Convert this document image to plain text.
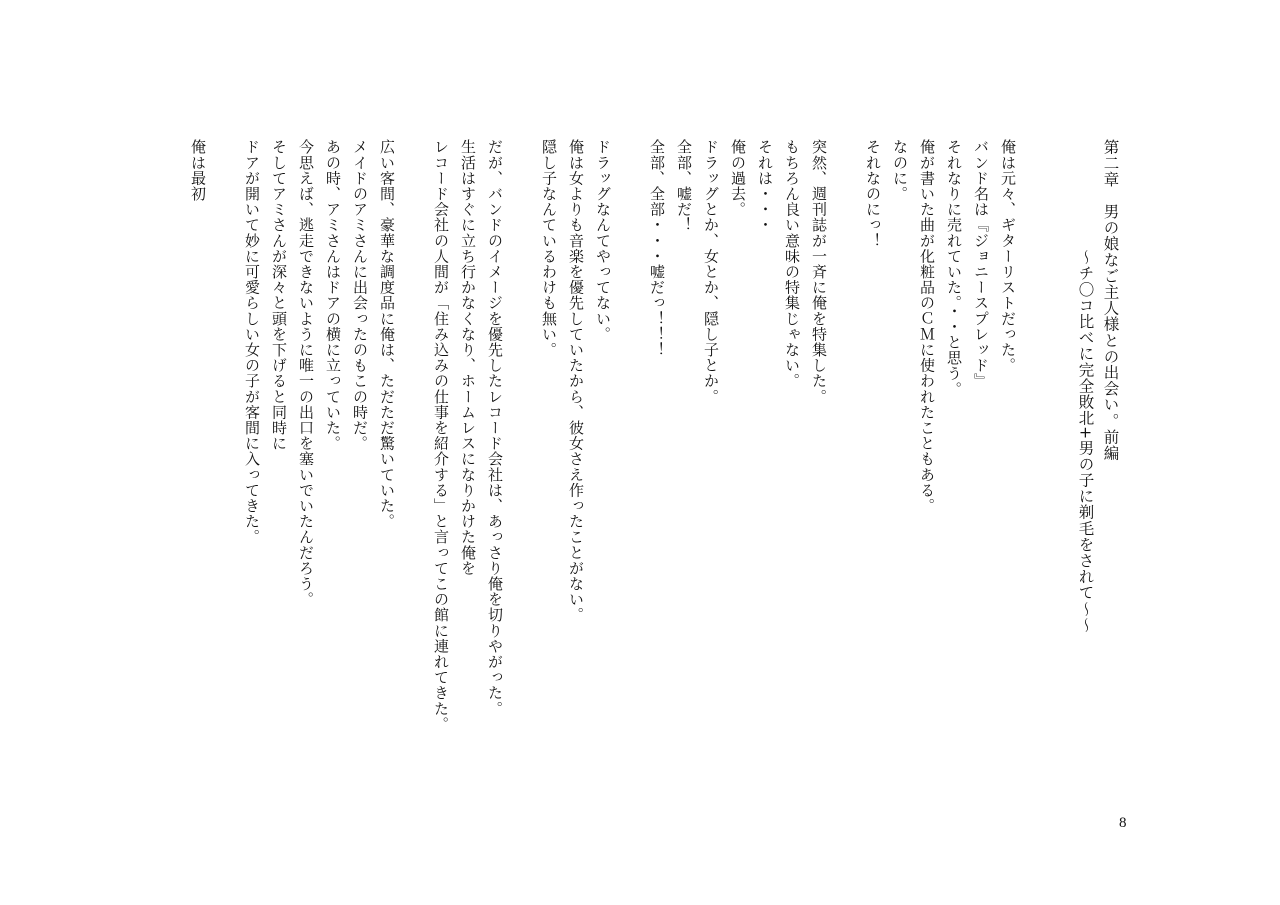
第二章　男の娘なご主人様との出会い。前編
～チ〇コ比べに完全敗北+男の子に剃毛をされて～～
俺は元々、ギターリストだった。
バンド名は『ジョニースプレッド』
それなりに売れていた。・・と思う。
俺が書いた曲が化粧品のＣＭに使われたこともある。
なのに。
それなのにっ！
突然、週刊誌が一斉に俺を特集した。
もちろん良い意味の特集じゃない。
それは・・・
俺の過去。
ドラッグとか、女とか、隠し子とか。
全部、嘘だ！
全部、全部・・・嘘だっ！！！
ドラッグなんてやってない。
俺は女よりも音楽を優先していたから、彼女さえ作ったことがない。
隠し子なんているわけも無い。
だが、バンドのイメージを優先したレコード会社は、あっさり俺を切りやがった。
生活はすぐに立ち行かなくなり、ホームレスになりかけた俺を
レコード会社の人間が「住み込みの仕事を紹介する」と言ってこの館に連れてきた。
広い客間、豪華な調度品に俺は、ただただ驚いていた。
メイドのアミさんに出会ったのもこの時だ。
あの時、アミさんはドアの横に立っていた。
今思えば、逃走できないように唯一の出口を塞いでいたんだろう。
そしてアミさんが深々と頭を下げると同時に
ドアが開いて妙に可愛らしい女の子が客間に入ってきた。
俺は最初
8
